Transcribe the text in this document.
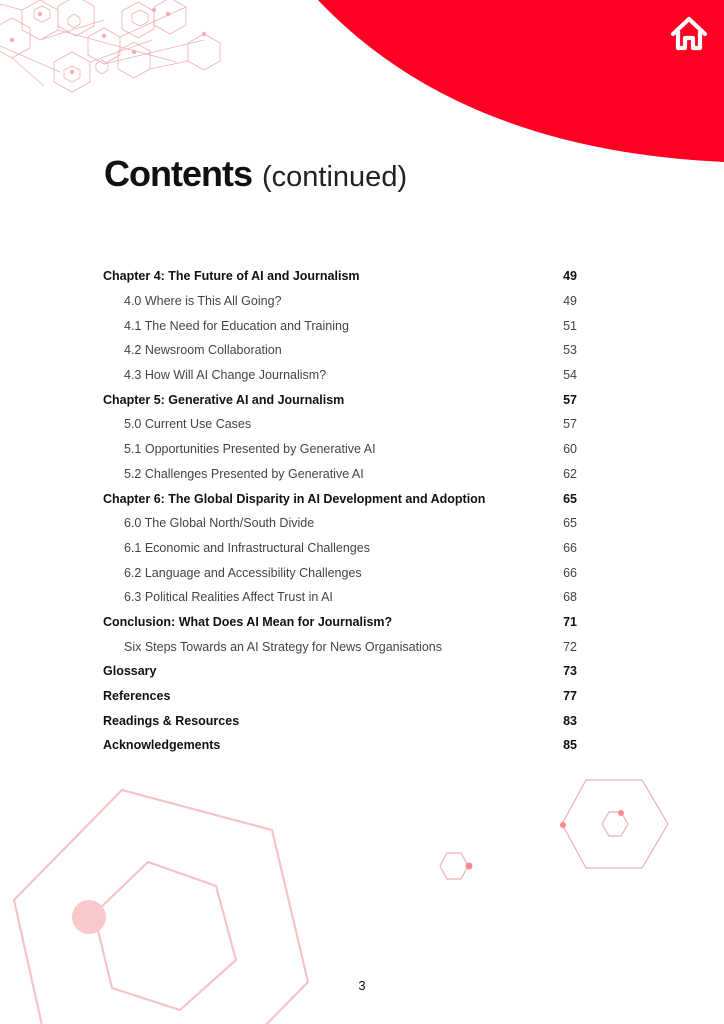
Contents (continued)
Chapter 4: The Future of AI and Journalism	49
4.0 Where is This All Going?	49
4.1 The Need for Education and Training	51
4.2 Newsroom Collaboration	53
4.3 How Will AI Change Journalism?	54
Chapter 5: Generative AI and Journalism	57
5.0 Current Use Cases	57
5.1 Opportunities Presented by Generative AI	60
5.2 Challenges Presented by Generative AI	62
Chapter 6: The Global Disparity in AI Development and Adoption	65
6.0 The Global North/South Divide	65
6.1 Economic and Infrastructural Challenges	66
6.2 Language and Accessibility Challenges	66
6.3 Political Realities Affect Trust in AI	68
Conclusion: What Does AI Mean for Journalism?	71
Six Steps Towards an AI Strategy for News Organisations	72
Glossary	73
References	77
Readings & Resources	83
Acknowledgements	85
3
